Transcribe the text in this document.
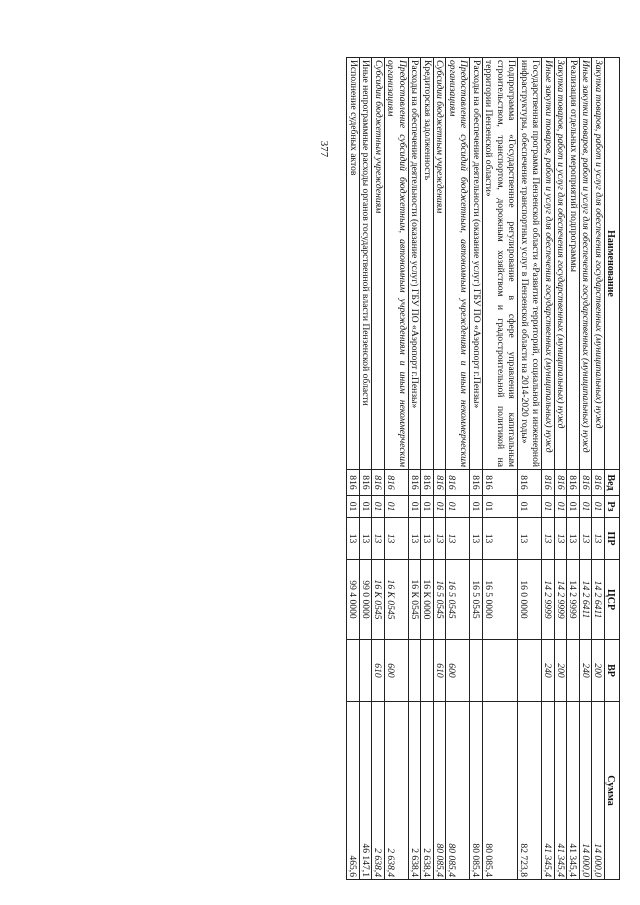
377
Наименование	Вед	Рз	ПР	ЦСР	ВР	Сумма
Закупка товаров, работ и услуг для обеспечения государственных (муниципальных) нужд	816	01	13	14 2 6411	200	14 000,0
Иные закупки товаров, работ и услуг для обеспечения государственных (муниципальных) нужд	816	01	13	14 2 6411	240	14 000,0
Реализация отдельных мероприятий подпрограммы	816	01	13	14 2 9999		41 345,4
Закупка товаров, работ и услуг для обеспечения государственных (муниципальных) нужд	816	01	13	14 2 9999	200	41 345,4
Иные закупки товаров, работ и услуг для обеспечения государственных (муниципальных) нужд	816	01	13	14 2 9999	240	41 345,4
Государственная программа Пензенской области «Развитие территорий, социальной и инженерной инфраструктуры, обеспечение транспортных услуг в Пензенской области на 2014-2020 годы»	816	01	13	16 0 0000		82 723,8
Подпрограмма «Государственное регулирование в сфере управления капитальным строительством, транспортом, дорожным хозяйством и градостроительной политикой на территории Пензенской области»	816	01	13	16 5 0000		80 085,4
Расходы на обеспечение деятельности (оказание услуг) ГБУ ПО «Аэропорт г.Пензы»	816	01	13	16 5 0545		80 085,4
Предоставление субсидий бюджетным, автономным учреждениям и иным некоммерческим организациям	816	01	13	16 5 0545	600	80 085,4
Субсидии бюджетным учреждениям	816	01	13	16 5 0545	610	80 085,4
Кредиторская задолженность	816	01	13	16 К 0000		2 638,4
Расходы на обеспечение деятельности (оказание услуг) ГБУ ПО «Аэропорт г.Пензы»	816	01	13	16 К 0545		2 638,4
Предоставление субсидий бюджетным, автономным учреждениям и иным некоммерческим организациям	816	01	13	16 К 0545	600	2 638,4
Субсидии бюджетным учреждениям	816	01	13	16 К 0545	610	2 638,4
Иные непрограммные расходы органов государственной власти Пензенской области	816	01	13	99 0 0000		46 147,1
Исполнение судебных актов	816	01	13	99 4 0000		465,6
